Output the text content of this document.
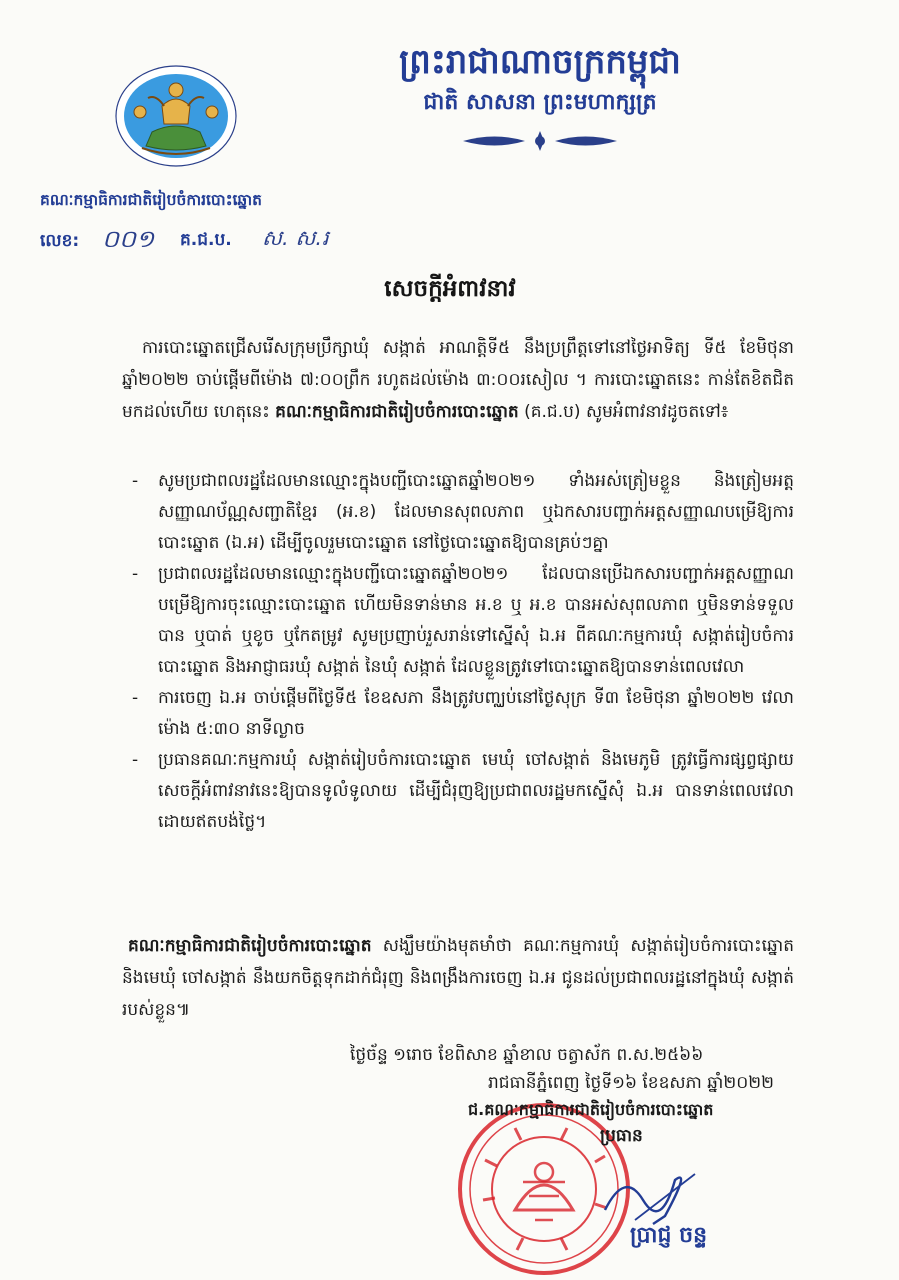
ព្រះរាជាណាចក្រកម្ពុជា
ជាតិ សាសនា ព្រះមហាក្សត្រ
គណៈកម្មាធិការជាតិរៀបចំការបោះឆ្នោត
លេខ: ០០១ គ.ជ.ប. ស. ស.រ
សេចក្តីអំពាវនាវ
ការបោះឆ្នោតជ្រើសរើសក្រុមប្រឹក្សាឃុំ សង្កាត់ អាណត្តិទី៥ នឹងប្រព្រឹត្តទៅនៅថ្ងៃអាទិត្យ ទី៥ ខែមិថុនា ឆ្នាំ២០២២ ចាប់ផ្តើមពីម៉ោង ៧:០០ព្រឹក រហូតដល់ម៉ោង ៣:០០រសៀល ។ ការបោះឆ្នោតនេះ កាន់តែខិតជិតមកដល់ហើយ ហេតុនេះ គណៈកម្មាធិការជាតិរៀបចំការបោះឆ្នោត (គ.ជ.ប) សូមអំពាវនាវដូចតទៅ៖
- សូមប្រជាពលរដ្ឋដែលមានឈ្មោះក្នុងបញ្ជីបោះឆ្នោតឆ្នាំ២០២១ ទាំងអស់ត្រៀមខ្លួន និងត្រៀមអត្តសញ្ញាណប័ណ្ណសញ្ជាតិខ្មែរ (អ.ខ) ដែលមានសុពលភាព ឬឯកសារបញ្ជាក់អត្តសញ្ញាណបម្រើឱ្យការបោះឆ្នោត (ឯ.អ) ដើម្បីចូលរួមបោះឆ្នោត នៅថ្ងៃបោះឆ្នោតឱ្យបានគ្រប់ៗគ្នា
- ប្រជាពលរដ្ឋដែលមានឈ្មោះក្នុងបញ្ជីបោះឆ្នោតឆ្នាំ២០២១ ដែលបានប្រើឯកសារបញ្ជាក់អត្តសញ្ញាណបម្រើឱ្យការចុះឈ្មោះបោះឆ្នោត ហើយមិនទាន់មាន អ.ខ ឬ អ.ខ បានអស់សុពលភាព ឬមិនទាន់ទទួលបាន ឬបាត់ ឬខូច ឬកែតម្រូវ សូមប្រញាប់រួសរាន់ទៅស្នើសុំ ឯ.អ ពីគណៈកម្មការឃុំ សង្កាត់រៀបចំការបោះឆ្នោត និងអាជ្ញាធរឃុំ សង្កាត់ នៃឃុំ សង្កាត់ ដែលខ្លួនត្រូវទៅបោះឆ្នោតឱ្យបានទាន់ពេលវេលា
- ការចេញ ឯ.អ ចាប់ផ្តើមពីថ្ងៃទី៥ ខែឧសភា នឹងត្រូវបញ្ឈប់នៅថ្ងៃសុក្រ ទី៣ ខែមិថុនា ឆ្នាំ២០២២ វេលាម៉ោង ៥:៣០ នាទីល្ងាច
- ប្រធានគណៈកម្មការឃុំ សង្កាត់រៀបចំការបោះឆ្នោត មេឃុំ ចៅសង្កាត់ និងមេភូមិ ត្រូវធ្វើការផ្សព្វផ្សាយសេចក្តីអំពាវនាវនេះឱ្យបានទូលំទូលាយ ដើម្បីជំរុញឱ្យប្រជាពលរដ្ឋមកស្នើសុំ ឯ.អ បានទាន់ពេលវេលា ដោយឥតបង់ថ្លៃ។
គណៈកម្មាធិការជាតិរៀបចំការបោះឆ្នោត សង្ឃឹមយ៉ាងមុតមាំថា គណៈកម្មការឃុំ សង្កាត់រៀបចំការបោះឆ្នោត និងមេឃុំ ចៅសង្កាត់ នឹងយកចិត្តទុកដាក់ជំរុញ និងពង្រឹងការចេញ ឯ.អ ជូនដល់ប្រជាពលរដ្ឋនៅក្នុងឃុំ សង្កាត់របស់ខ្លួន៕
ថ្ងៃច័ន្ទ ១រោច ខែពិសាខ ឆ្នាំខាល ចត្វាស័ក ព.ស.២៥៦៦
រាជធានីភ្នំពេញ ថ្ងៃទី១៦ ខែឧសភា ឆ្នាំ២០២២
ជ.គណៈកម្មាធិការជាតិរៀបចំការបោះឆ្នោត
ប្រធាន
ប្រាជ្ញ ចន្ទ
